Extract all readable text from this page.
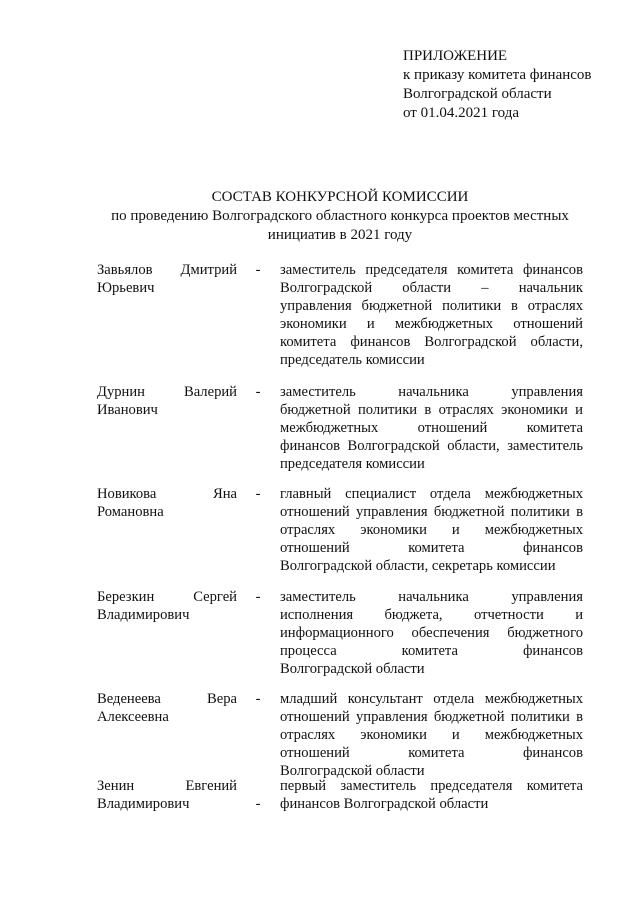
ПРИЛОЖЕНИЕ
к приказу комитета финансов
Волгоградской области
от 01.04.2021 года
СОСТАВ КОНКУРСНОЙ КОМИССИИ
по проведению Волгоградского областного конкурса проектов местных
инициатив в 2021 году
Завьялов Дмитрий
Юрьевич
- заместитель председателя комитета финансов
Волгоградской области – начальник
управления бюджетной политики в отраслях
экономики и межбюджетных отношений
комитета финансов Волгоградской области,
председатель комиссии
Дурнин Валерий
Иванович
- заместитель начальника управления
бюджетной политики в отраслях экономики и
межбюджетных отношений комитета
финансов Волгоградской области, заместитель
председателя комиссии
Новикова Яна
Романовна
- главный специалист отдела межбюджетных
отношений управления бюджетной политики в
отраслях экономики и межбюджетных
отношений комитета финансов
Волгоградской области, секретарь комиссии
Березкин Сергей
Владимирович
- заместитель начальника управления
исполнения бюджета, отчетности и
информационного обеспечения бюджетного
процесса комитета финансов
Волгоградской области
Веденеева Вера
Алексеевна
- младший консультант отдела межбюджетных
отношений управления бюджетной политики в
отраслях экономики и межбюджетных
отношений комитета финансов
Волгоградской области
Зенин Евгений
Владимирович	-
первый заместитель председателя комитета
финансов Волгоградской области
